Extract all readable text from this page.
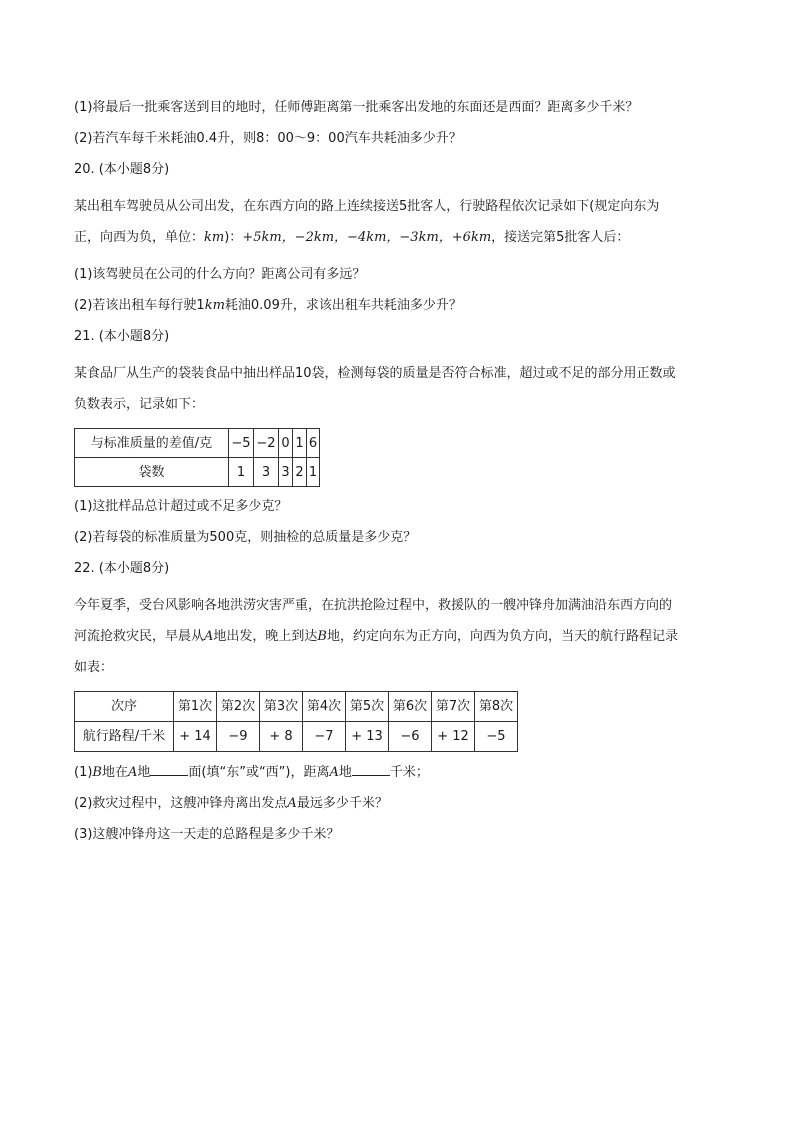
(1)将最后一批乘客送到目的地时，任师傅距离第一批乘客出发地的东面还是西面？距离多少千米？
(2)若汽车每千米耗油0.4升，则8：00～9：00汽车共耗油多少升？
20. (本小题8分)
某出租车驾驶员从公司出发，在东西方向的路上连续接送5批客人，行驶路程依次记录如下(规定向东为
正，向西为负，单位：km)：+5km，−2km，−4km，−3km，+6km，接送完第5批客人后：
(1)该驾驶员在公司的什么方向？距离公司有多远？
(2)若该出租车每行驶1km耗油0.09升，求该出租车共耗油多少升？
21. (本小题8分)
某食品厂从生产的袋装食品中抽出样品10袋，检测每袋的质量是否符合标准，超过或不足的部分用正数或
负数表示，记录如下：
与标准质量的差值/克	−5	−2	0	1	6
袋数	1	3	3	2	1
(1)这批样品总计超过或不足多少克？
(2)若每袋的标准质量为500克，则抽检的总质量是多少克？
22. (本小题8分)
今年夏季，受台风影响各地洪涝灾害严重，在抗洪抢险过程中，救援队的一艘冲锋舟加满油沿东西方向的
河流抢救灾民，早晨从A地出发，晚上到达B地，约定向东为正方向，向西为负方向，当天的航行路程记录
如表：
次序	第1次	第2次	第3次	第4次	第5次	第6次	第7次	第8次
航行路程/千米	+ 14	−9	+ 8	−7	+ 13	−6	+ 12	−5
(1)B地在A地	面(填“东”或“西”)，距离A地	千米；
(2)救灾过程中，这艘冲锋舟离出发点A最远多少千米？
(3)这艘冲锋舟这一天走的总路程是多少千米？
